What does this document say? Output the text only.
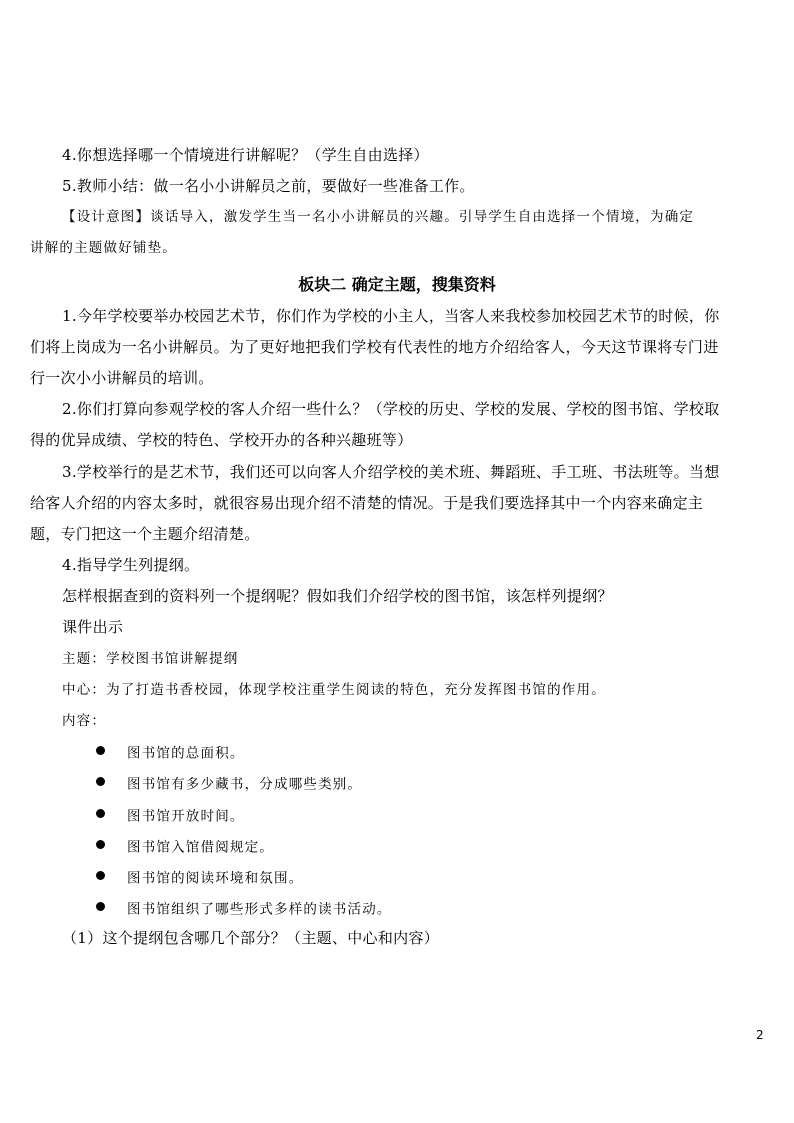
4.你想选择哪一个情境进行讲解呢？（学生自由选择）
5.教师小结：做一名小小讲解员之前，要做好一些准备工作。
【设计意图】谈话导入，激发学生当一名小小讲解员的兴趣。引导学生自由选择一个情境，为确定
讲解的主题做好铺垫。
板块二 确定主题，搜集资料
1.今年学校要举办校园艺术节，你们作为学校的小主人，当客人来我校参加校园艺术节的时候，你
们将上岗成为一名小讲解员。为了更好地把我们学校有代表性的地方介绍给客人，今天这节课将专门进
行一次小小讲解员的培训。
2.你们打算向参观学校的客人介绍一些什么？（学校的历史、学校的发展、学校的图书馆、学校取
得的优异成绩、学校的特色、学校开办的各种兴趣班等）
3.学校举行的是艺术节，我们还可以向客人介绍学校的美术班、舞蹈班、手工班、书法班等。当想
给客人介绍的内容太多时，就很容易出现介绍不清楚的情况。于是我们要选择其中一个内容来确定主
题，专门把这一个主题介绍清楚。
4.指导学生列提纲。
怎样根据查到的资料列一个提纲呢？假如我们介绍学校的图书馆，该怎样列提纲？
课件出示
主题：学校图书馆讲解提纲
中心：为了打造书香校园，体现学校注重学生阅读的特色，充分发挥图书馆的作用。
内容：
图书馆的总面积。
图书馆有多少藏书，分成哪些类别。
图书馆开放时间。
图书馆入馆借阅规定。
图书馆的阅读环境和氛围。
图书馆组织了哪些形式多样的读书活动。
（1）这个提纲包含哪几个部分？（主题、中心和内容）
2
